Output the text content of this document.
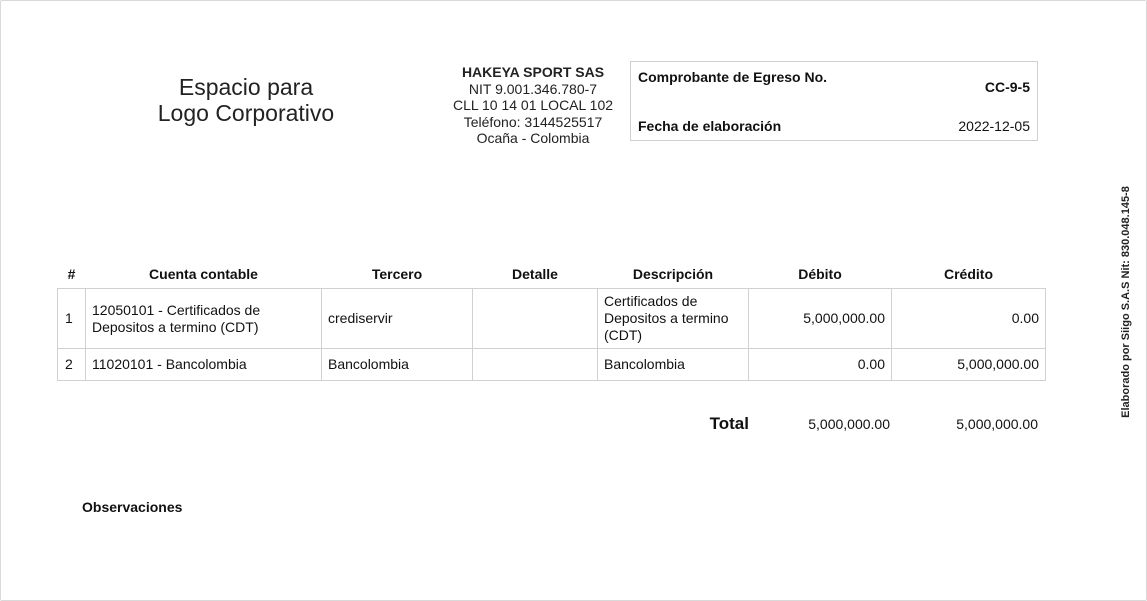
Espacio para
Logo Corporativo
HAKEYA SPORT SAS
NIT 9.001.346.780-7
CLL 10 14 01 LOCAL 102
Teléfono: 3144525517
Ocaña - Colombia
Comprobante de Egreso No.
CC-9-5
Fecha de elaboración	2022-12-05
#	Cuenta contable	Tercero	Detalle	Descripción	Débito	Crédito
1	12050101 - Certificados de Depositos a termino (CDT)	crediservir		Certificados de Depositos a termino (CDT)	5,000,000.00	0.00
2	11020101 - Bancolombia	Bancolombia		Bancolombia	0.00	5,000,000.00
Total	5,000,000.00	5,000,000.00
Observaciones
Elaborado por Siigo S.A.S Nit: 830.048.145-8
